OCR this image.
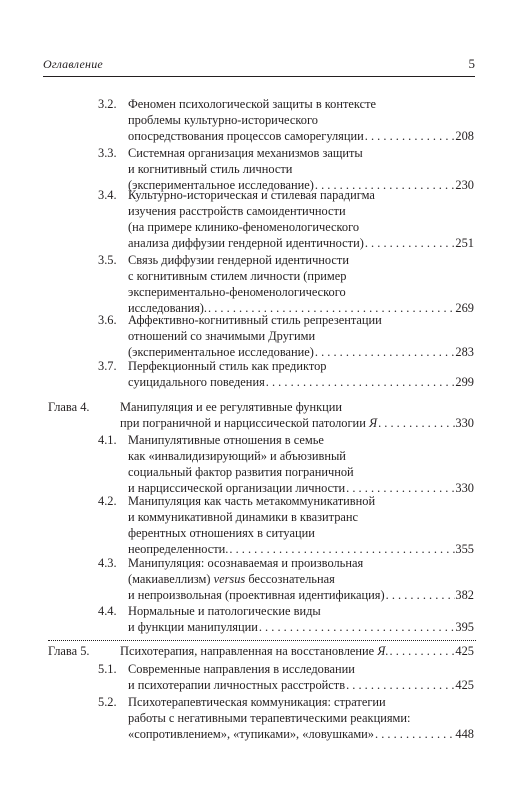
Оглавление	5
3.2. Феномен психологической защиты в контексте
проблемы культурно-исторического
опосредствования процессов саморегуляции . . .	208
3.3. Системная организация механизмов защиты
и когнитивный стиль личности
(экспериментальное исследование) . . .	230
3.4. Культурно-историческая и стилевая парадигма
изучения расстройств самоидентичности
(на примере клинико-феноменологического
анализа диффузии гендерной идентичности) . . .	251
3.5. Связь диффузии гендерной идентичности
с когнитивным стилем личности (пример
экспериментально-феноменологического
исследования). . . .	269
3.6. Аффективно-когнитивный стиль репрезентации
отношений со значимыми Другими
(экспериментальное исследование) . . .	283
3.7. Перфекционный стиль как предиктор
суицидального поведения . . .	299
Глава 4. Манипуляция и ее регулятивные функции
при пограничной и нарциссической патологии
Я . . .	330
4.1. Манипулятивные отношения в семье
как «инвалидизирующий» и абъюзивный
социальный фактор развития пограничной
и нарциссической организации личности . . .	330
4.2. Манипуляция как часть метакоммуникативной
и коммуникативной динамики в квазитранс
ферентных отношениях в ситуации
неопределенности. . . .	355
4.3. Манипуляция: осознаваемая и произвольная
(макиавеллизм) versus бессознательная
и непроизвольная (проективная идентификация) . . .	382
4.4. Нормальные и патологические виды
и функции манипуляции . . .	395
Глава 5. Психотерапия, направленная на восстановление
Я. . . .	425
5.1. Современные направления в исследовании
и психотерапии личностных расстройств . . .	425
5.2. Психотерапевтическая коммуникация: стратегии
работы с негативными терапевтическими реакциями:
«сопротивлением», «тупиками», «ловушками» . . .	448
